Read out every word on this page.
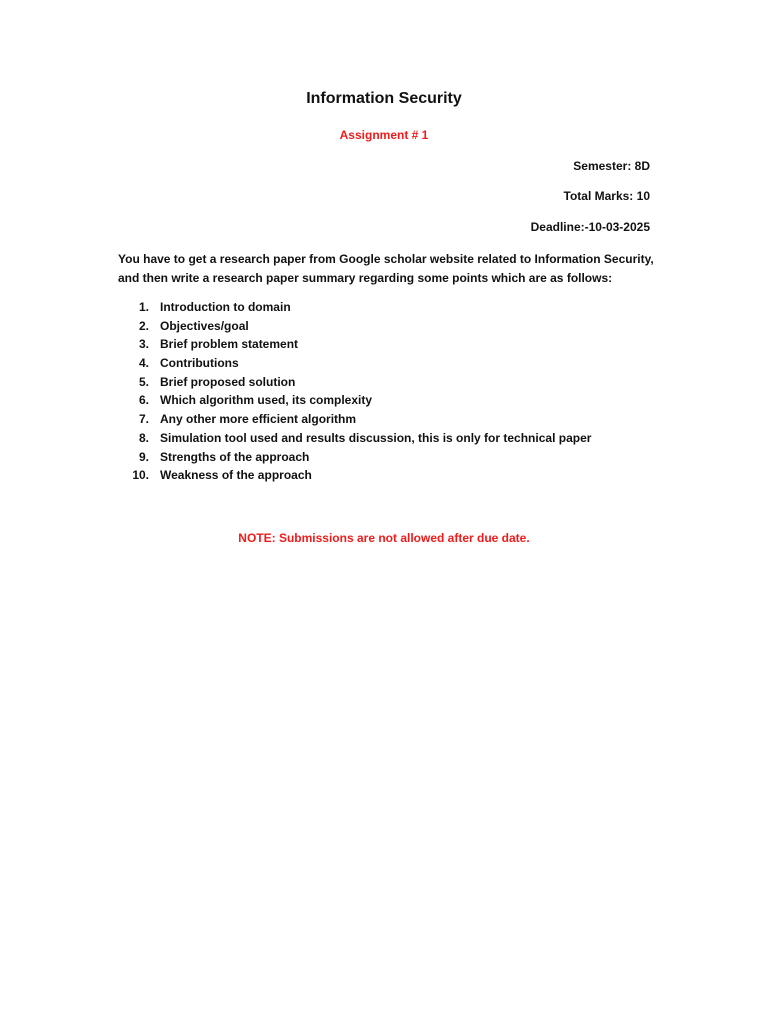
Information Security
Assignment # 1
Semester: 8D
Total Marks: 10
Deadline:-10-03-2025

You have to get a research paper from Google scholar website related to Information Security, and then write a research paper summary regarding some points which are as follows:

1. Introduction to domain
2. Objectives/goal
3. Brief problem statement
4. Contributions
5. Brief proposed solution
6. Which algorithm used, its complexity
7. Any other more efficient algorithm
8. Simulation tool used and results discussion, this is only for technical paper
9. Strengths of the approach
10. Weakness of the approach
NOTE: Submissions are not allowed after due date.
